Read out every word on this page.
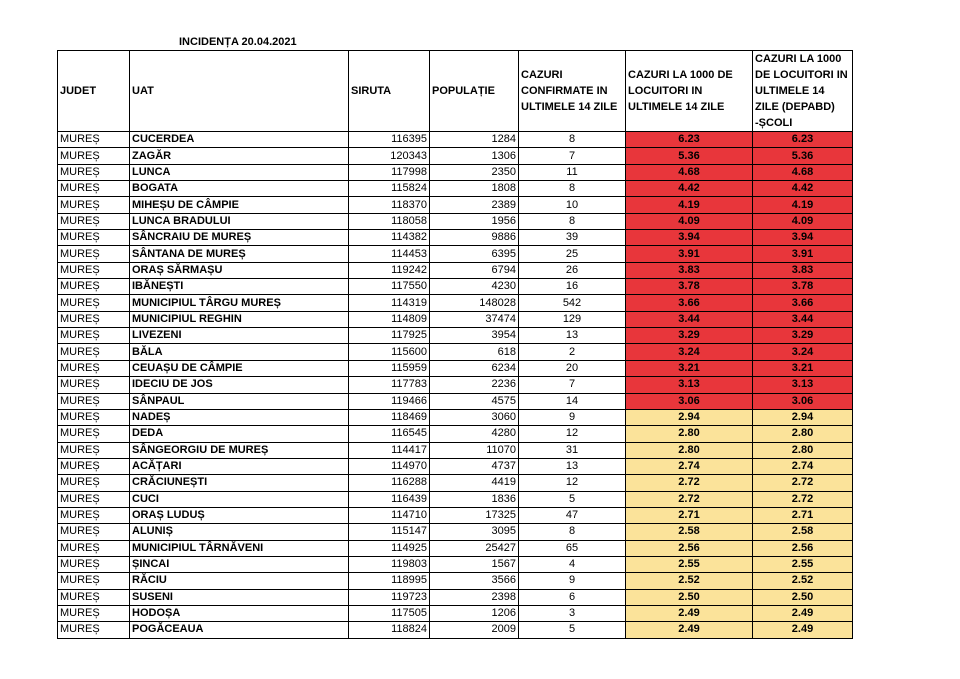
INCIDENȚA 20.04.2021
JUDET	UAT	SIRUTA	POPULAȚIE	CAZURI CONFIRMATE IN ULTIMELE 14 ZILE	CAZURI LA 1000 DE LOCUITORI IN ULTIMELE 14 ZILE	CAZURI LA 1000 DE LOCUITORI IN ULTIMELE 14 ZILE (DEPABD) -ȘCOLI
MUREȘ	CUCERDEA	116395	1284	8	6.23	6.23
MUREȘ	ZAGĂR	120343	1306	7	5.36	5.36
MUREȘ	LUNCA	117998	2350	11	4.68	4.68
MUREȘ	BOGATA	115824	1808	8	4.42	4.42
MUREȘ	MIHEȘU DE CÂMPIE	118370	2389	10	4.19	4.19
MUREȘ	LUNCA BRADULUI	118058	1956	8	4.09	4.09
MUREȘ	SÂNCRAIU DE MUREȘ	114382	9886	39	3.94	3.94
MUREȘ	SÂNTANA DE MUREȘ	114453	6395	25	3.91	3.91
MUREȘ	ORAȘ SĂRMAȘU	119242	6794	26	3.83	3.83
MUREȘ	IBĂNEȘTI	117550	4230	16	3.78	3.78
MUREȘ	MUNICIPIUL TÂRGU MUREȘ	114319	148028	542	3.66	3.66
MUREȘ	MUNICIPIUL REGHIN	114809	37474	129	3.44	3.44
MUREȘ	LIVEZENI	117925	3954	13	3.29	3.29
MUREȘ	BĂLA	115600	618	2	3.24	3.24
MUREȘ	CEUAȘU DE CÂMPIE	115959	6234	20	3.21	3.21
MUREȘ	IDECIU DE JOS	117783	2236	7	3.13	3.13
MUREȘ	SÂNPAUL	119466	4575	14	3.06	3.06
MUREȘ	NADEȘ	118469	3060	9	2.94	2.94
MUREȘ	DEDA	116545	4280	12	2.80	2.80
MUREȘ	SÂNGEORGIU DE MUREȘ	114417	11070	31	2.80	2.80
MUREȘ	ACĂȚARI	114970	4737	13	2.74	2.74
MUREȘ	CRĂCIUNEȘTI	116288	4419	12	2.72	2.72
MUREȘ	CUCI	116439	1836	5	2.72	2.72
MUREȘ	ORAȘ LUDUȘ	114710	17325	47	2.71	2.71
MUREȘ	ALUNIȘ	115147	3095	8	2.58	2.58
MUREȘ	MUNICIPIUL TÂRNĂVENI	114925	25427	65	2.56	2.56
MUREȘ	ȘINCAI	119803	1567	4	2.55	2.55
MUREȘ	RĂCIU	118995	3566	9	2.52	2.52
MUREȘ	SUSENI	119723	2398	6	2.50	2.50
MUREȘ	HODOȘA	117505	1206	3	2.49	2.49
MUREȘ	POGĂCEAUA	118824	2009	5	2.49	2.49
